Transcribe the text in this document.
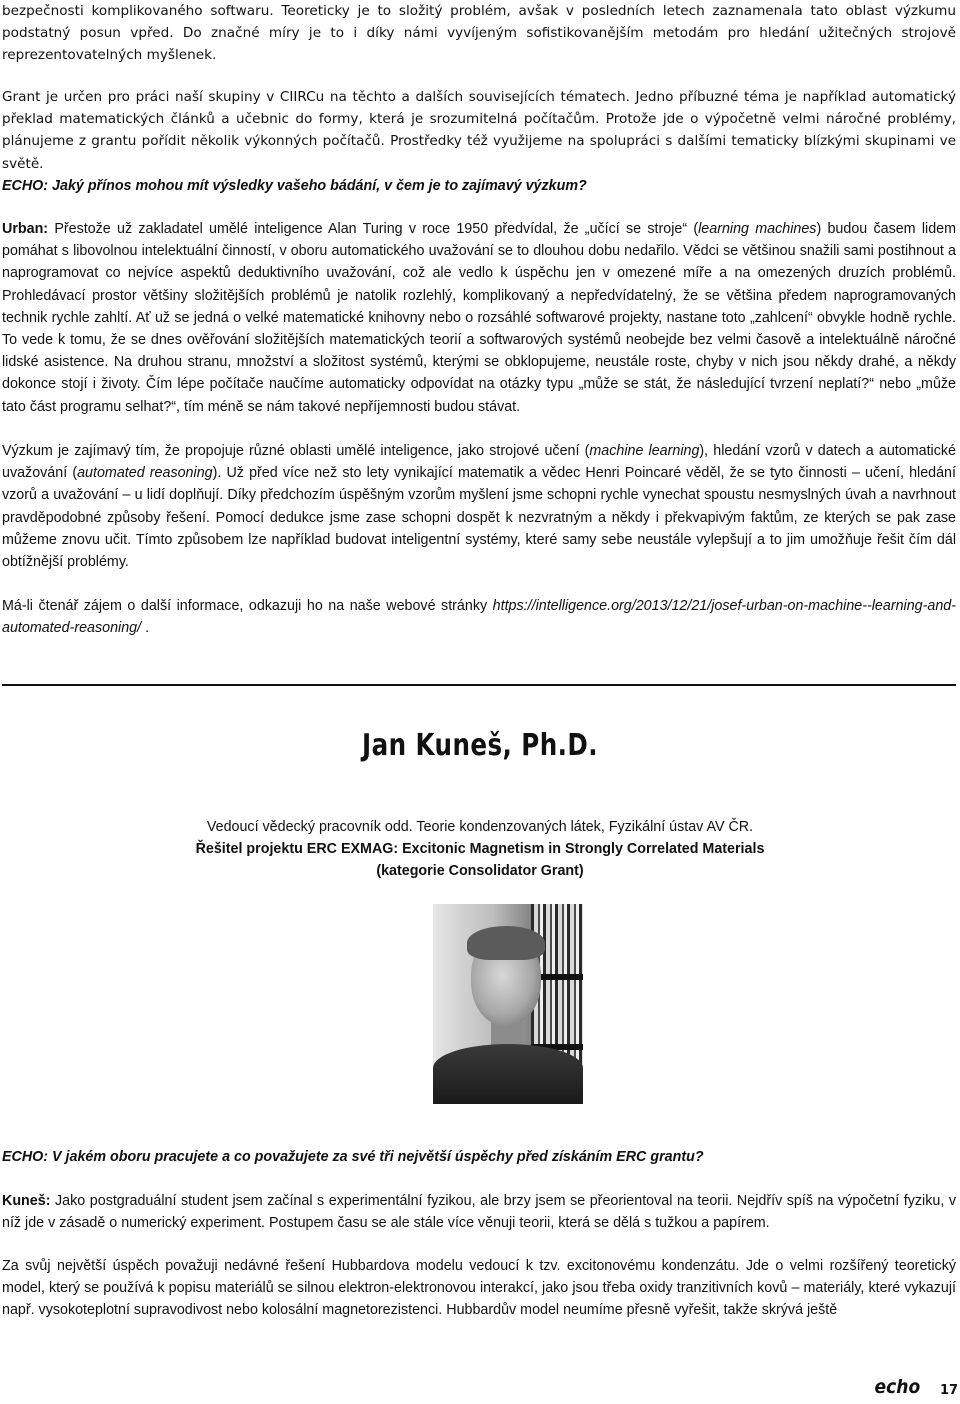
bezpečnosti komplikovaného softwaru. Teoreticky je to složitý problém, avšak v posledních letech zaznamenala tato oblast výzkumu podstatný posun vpřed. Do značné míry je to i díky námi vyvíjeným sofistikovanějším metodám pro hledání užitečných strojově reprezentovatelných myšlenek.

Grant je určen pro práci naší skupiny v CIIRCu na těchto a dalších souvisejících tématech. Jedno příbuzné téma je například automatický překlad matematických článků a učebnic do formy, která je srozumitelná počítačům. Protože jde o výpočetně velmi náročné problémy, plánujeme z grantu pořídit několik výkonných počítačů. Prostředky též využijeme na spolupráci s dalšími tematicky blízkými skupinami ve světě.

ECHO: Jaký přínos mohou mít výsledky vašeho bádání, v čem je to zajímavý výzkum?

Urban: Přestože už zakladatel umělé inteligence Alan Turing v roce 1950 předvídal, že „učící se stroje“ (learning machines) budou časem lidem pomáhat s libovolnou intelektuální činností, v oboru automatického uvažování se to dlouhou dobu nedařilo. Vědci se většinou snažili sami postihnout a naprogramovat co nejvíce aspektů deduktivního uvažování, což ale vedlo k úspěchu jen v omezené míře a na omezených druzích problémů. Prohledávací prostor většiny složitějších problémů je natolik rozlehlý, komplikovaný a nepředvídatelný, že se většina předem naprogramovaných technik rychle zahltí. Ať už se jedná o velké matematické knihovny nebo o rozsáhlé softwarové projekty, nastane toto „zahlcení“ obvykle hodně rychle. To vede k tomu, že se dnes ověřování složitějších matematických teorií a softwarových systémů neobejde bez velmi časově a intelektuálně náročné lidské asistence. Na druhou stranu, množství a složitost systémů, kterými se obklopujeme, neustále roste, chyby v nich jsou někdy drahé, a někdy dokonce stojí i životy. Čím lépe počítače naučíme automaticky odpovídat na otázky typu „může se stát, že následující tvrzení neplatí?“ nebo „může tato část programu selhat?“, tím méně se nám takové nepříjemnosti budou stávat.

Výzkum je zajímavý tím, že propojuje různé oblasti umělé inteligence, jako strojové učení (machine learning), hledání vzorů v datech a automatické uvažování (automated reasoning). Už před více než sto lety vynikající matematik a vědec Henri Poincaré věděl, že se tyto činnosti – učení, hledání vzorů a uvažování – u lidí doplňují. Díky předchozím úspěšným vzorům myšlení jsme schopni rychle vynechat spoustu nesmyslných úvah a navrhnout pravděpodobné způsoby řešení. Pomocí dedukce jsme zase schopni dospět k nezvratným a někdy i překvapivým faktům, ze kterých se pak zase můžeme znovu učit. Tímto způsobem lze například budovat inteligentní systémy, které samy sebe neustále vylepšují a to jim umožňuje řešit čím dál obtížnější problémy.

Má-li čtenář zájem o další informace, odkazuji ho na naše webové stránky https://intelligence.org/2013/12/21/josef-urban-on-machine--learning-and-automated-reasoning/ .

Jan Kuneš, Ph.D.
Vedoucí vědecký pracovník odd. Teorie kondenzovaných látek, Fyzikální ústav AV ČR.
Řešitel projektu ERC EXMAG: Excitonic Magnetism in Strongly Correlated Materials
(kategorie Consolidator Grant)

ECHO: V jakém oboru pracujete a co považujete za své tři největší úspěchy před získáním ERC grantu?

Kuneš: Jako postgraduální student jsem začínal s experimentální fyzikou, ale brzy jsem se přeorientoval na teorii. Nejdřív spíš na výpočetní fyziku, v níž jde v zásadě o numerický experiment. Postupem času se ale stále více věnuji teorii, která se dělá s tužkou a papírem.

Za svůj největší úspěch považuji nedávné řešení Hubbardova modelu vedoucí k tzv. excitonovému kondenzátu. Jde o velmi rozšířený teoretický model, který se používá k popisu materiálů se silnou elektron-elektronovou interakcí, jako jsou třeba oxidy tranzitivních kovů – materiály, které vykazují např. vysokoteplotní supravodivost nebo kolosální magnetorezistenci. Hubbardův model neumíme přesně vyřešit, takže skrývá ještě

echo 17
